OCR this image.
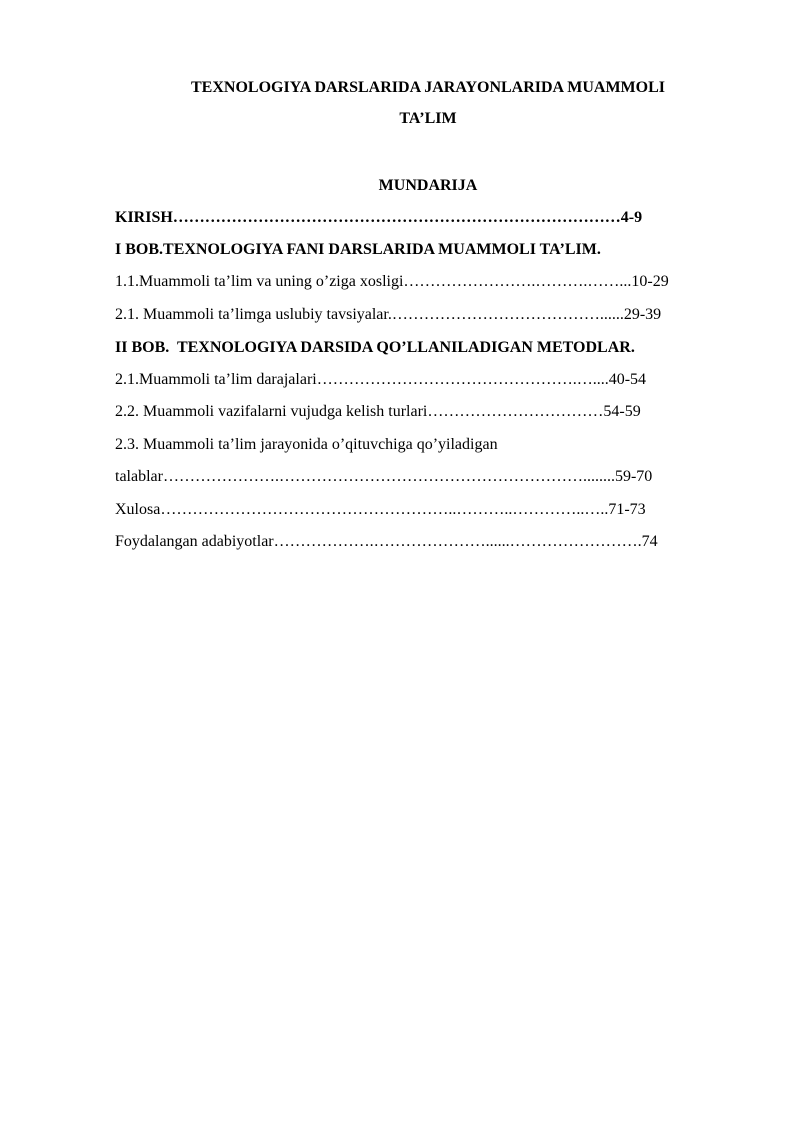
TEXNOLOGIYA DARSLARIDA JARAYONLARIDA MUAMMOLI
TA’LIM
MUNDARIJA
KIRISH…………………………………………………………………………4-9
I BOB.TEXNOLOGIYA FANI DARSLARIDA MUAMMOLI TA’LIM.
1.1.Muammoli ta’lim va uning o’ziga xosligi…………………….……….……...10-29
2.1. Muammoli ta’limga uslubiy tavsiyalar.…………………………………......29-39
II BOB.  TEXNOLOGIYA DARSIDA QO’LLANILADIGAN METODLAR.
2.1.Muammoli ta’lim darajalari………………………………………….…....40-54
2.2. Muammoli vazifalarni vujudga kelish turlari……………………………54-59
2.3. Muammoli ta’lim jarayonida o’qituvchiga qo’yiladigan
talablar………………….…………………………………………………........59-70
Xulosa………………………………………………..………..…………..…..71-73
Foydalangan adabiyotlar……………….…………………......…………………….74
